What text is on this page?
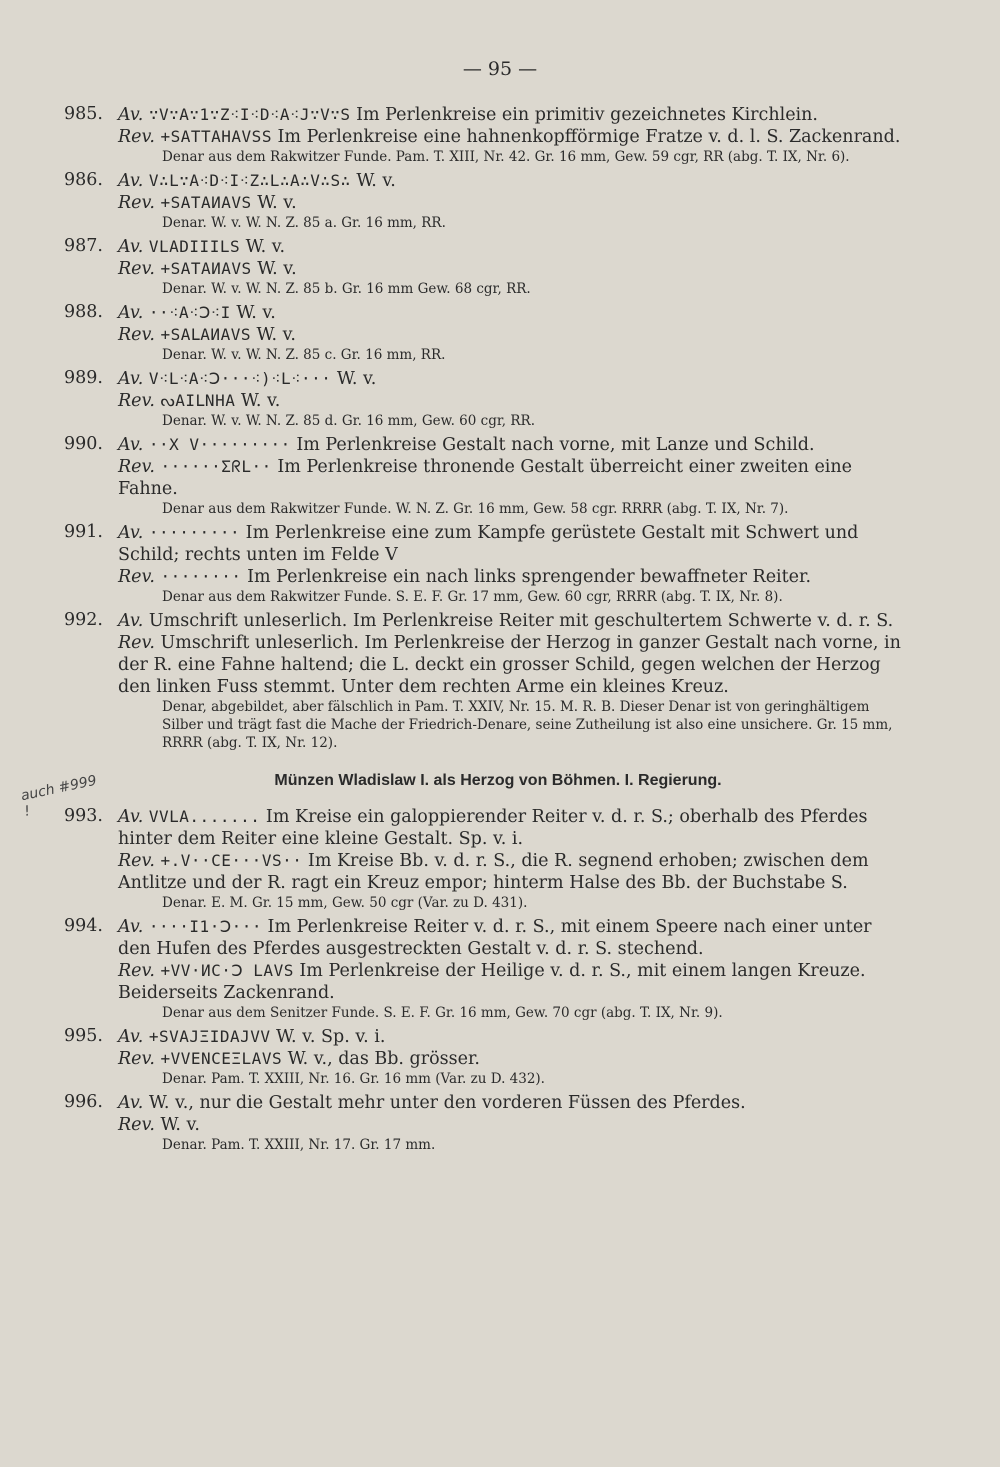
— 95 —
auch #999 !
985. Av. ∵V∵A∵1∵Z⁖I⁖D⁖A⁖J∵V∵S Im Perlenkreise ein primitiv gezeichnetes Kirchlein.
Rev. +SATTAHAVSS Im Perlenkreise eine hahnenkopfförmige Fratze v. d. l. S. Zackenrand.
Denar aus dem Rakwitzer Funde. Pam. T. XIII, Nr. 42. Gr. 16 mm, Gew. 59 cgr, RR (abg. T. IX, Nr. 6).
986. Av. V∴L∵A⁖D⁖I⁖Z∴L∴A∴V∴S∴ W. v.
Rev. +SATAИAVS W. v.
Denar. W. v. W. N. Z. 85 a. Gr. 16 mm, RR.
987. Av. VLADIIILS W. v.
Rev. +SATAИAVS W. v.
Denar. W. v. W. N. Z. 85 b. Gr. 16 mm Gew. 68 cgr, RR.
988. Av. ··⁖A⁖Ↄ⁖I W. v.
Rev. +SAⅬAИAVS W. v.
Denar. W. v. W. N. Z. 85 c. Gr. 16 mm, RR.
989. Av. V⁖L⁖A⁖Ↄ···⁖)⁖L⁖··· W. v.
Rev. ᔓAIⅬNHA W. v.
Denar. W. v. W. N. Z. 85 d. Gr. 16 mm, Gew. 60 cgr, RR.
990. Av. ··X V········· Im Perlenkreise Gestalt nach vorne, mit Lanze und Schild.
Rev. ······ΣᖇL·· Im Perlenkreise thronende Gestalt überreicht einer zweiten eine Fahne.
Denar aus dem Rakwitzer Funde. W. N. Z. Gr. 16 mm, Gew. 58 cgr. RRRR (abg. T. IX, Nr. 7).
991. Av. ········· Im Perlenkreise eine zum Kampfe gerüstete Gestalt mit Schwert und Schild; rechts unten im Felde V
Rev. ········ Im Perlenkreise ein nach links sprengender bewaffneter Reiter.
Denar aus dem Rakwitzer Funde. S. E. F. Gr. 17 mm, Gew. 60 cgr, RRRR (abg. T. IX, Nr. 8).
992. Av. Umschrift unleserlich. Im Perlenkreise Reiter mit geschultertem Schwerte v. d. r. S.
Rev. Umschrift unleserlich. Im Perlenkreise der Herzog in ganzer Gestalt nach vorne, in der R. eine Fahne haltend; die L. deckt ein grosser Schild, gegen welchen der Herzog den linken Fuss stemmt. Unter dem rechten Arme ein kleines Kreuz.
Denar, abgebildet, aber fälschlich in Pam. T. XXIV, Nr. 15. M. R. B. Dieser Denar ist von geringhältigem Silber und trägt fast die Mache der Friedrich-Denare, seine Zutheilung ist also eine unsichere. Gr. 15 mm, RRRR (abg. T. IX, Nr. 12).
Münzen Wladislaw I. als Herzog von Böhmen. I. Regierung.
993. Av. VVLA....... Im Kreise ein galoppierender Reiter v. d. r. S.; oberhalb des Pferdes hinter dem Reiter eine kleine Gestalt. Sp. v. i.
Rev. +.V··CE···VS·· Im Kreise Bb. v. d. r. S., die R. segnend erhoben; zwischen dem Antlitze und der R. ragt ein Kreuz empor; hinterm Halse des Bb. der Buchstabe S.
Denar. E. M. Gr. 15 mm, Gew. 50 cgr (Var. zu D. 431).
994. Av. ····I1·Ↄ··· Im Perlenkreise Reiter v. d. r. S., mit einem Speere nach einer unter den Hufen des Pferdes ausgestreckten Gestalt v. d. r. S. stechend.
Rev. +VV·ИC·Ↄ LAVS Im Perlenkreise der Heilige v. d. r. S., mit einem langen Kreuze. Beiderseits Zackenrand.
Denar aus dem Senitzer Funde. S. E. F. Gr. 16 mm, Gew. 70 cgr (abg. T. IX, Nr. 9).
995. Av. +SVAJΞIDAJVV W. v. Sp. v. i.
Rev. +VVENCEΞLAVS W. v., das Bb. grösser.
Denar. Pam. T. XXIII, Nr. 16. Gr. 16 mm (Var. zu D. 432).
996. Av. W. v., nur die Gestalt mehr unter den vorderen Füssen des Pferdes.
Rev. W. v.
Denar. Pam. T. XXIII, Nr. 17. Gr. 17 mm.
